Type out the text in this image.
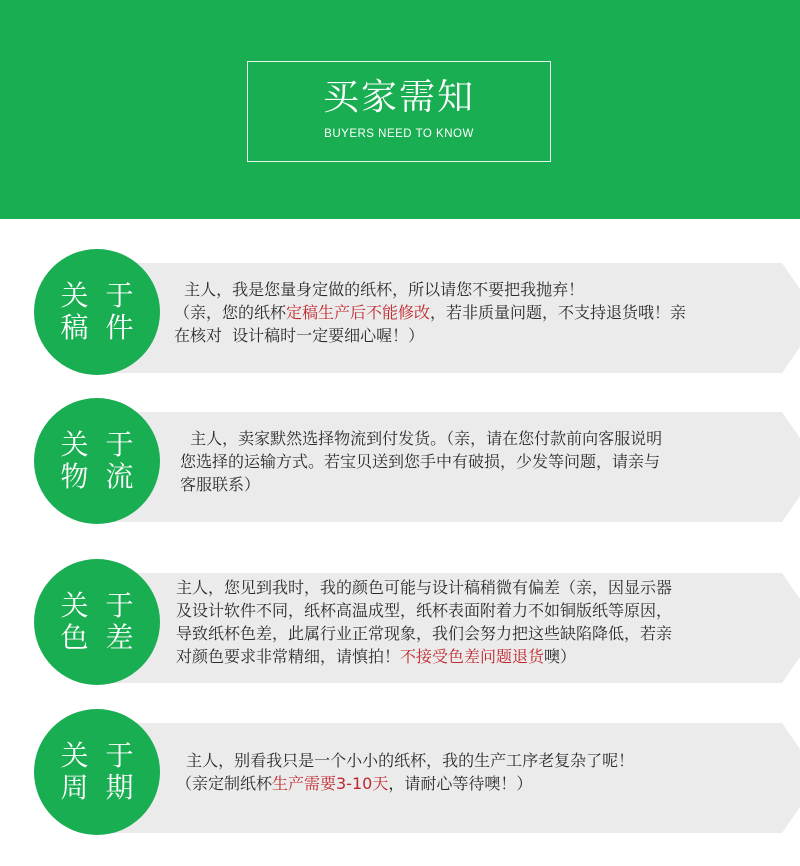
买家需知
BUYERS NEED TO KNOW
关 于
稿 件

主人，我是您量身定做的纸杯，所以请您不要把我抛弃！

（亲，您的纸杯定稿生产后不能修改，若非质量问题，不支持退货哦！亲

在核对  设计稿时一定要细心喔！）

关 于
物 流

主人，卖家默然选择物流到付发货。（亲，请在您付款前向客服说明

您选择的运输方式。若宝贝送到您手中有破损，少发等问题，请亲与

客服联系）

关 于
色 差

主人，您见到我时，我的颜色可能与设计稿稍微有偏差（亲，因显示器

及设计软件不同，纸杯高温成型，纸杯表面附着力不如铜版纸等原因，

导致纸杯色差，此属行业正常现象，我们会努力把这些缺陷降低，若亲

对颜色要求非常精细，请慎拍！不接受色差问题退货噢）

关 于
周 期

主人，别看我只是一个小小的纸杯，我的生产工序老复杂了呢！

（亲定制纸杯生产需要3-10天，请耐心等待噢！）
